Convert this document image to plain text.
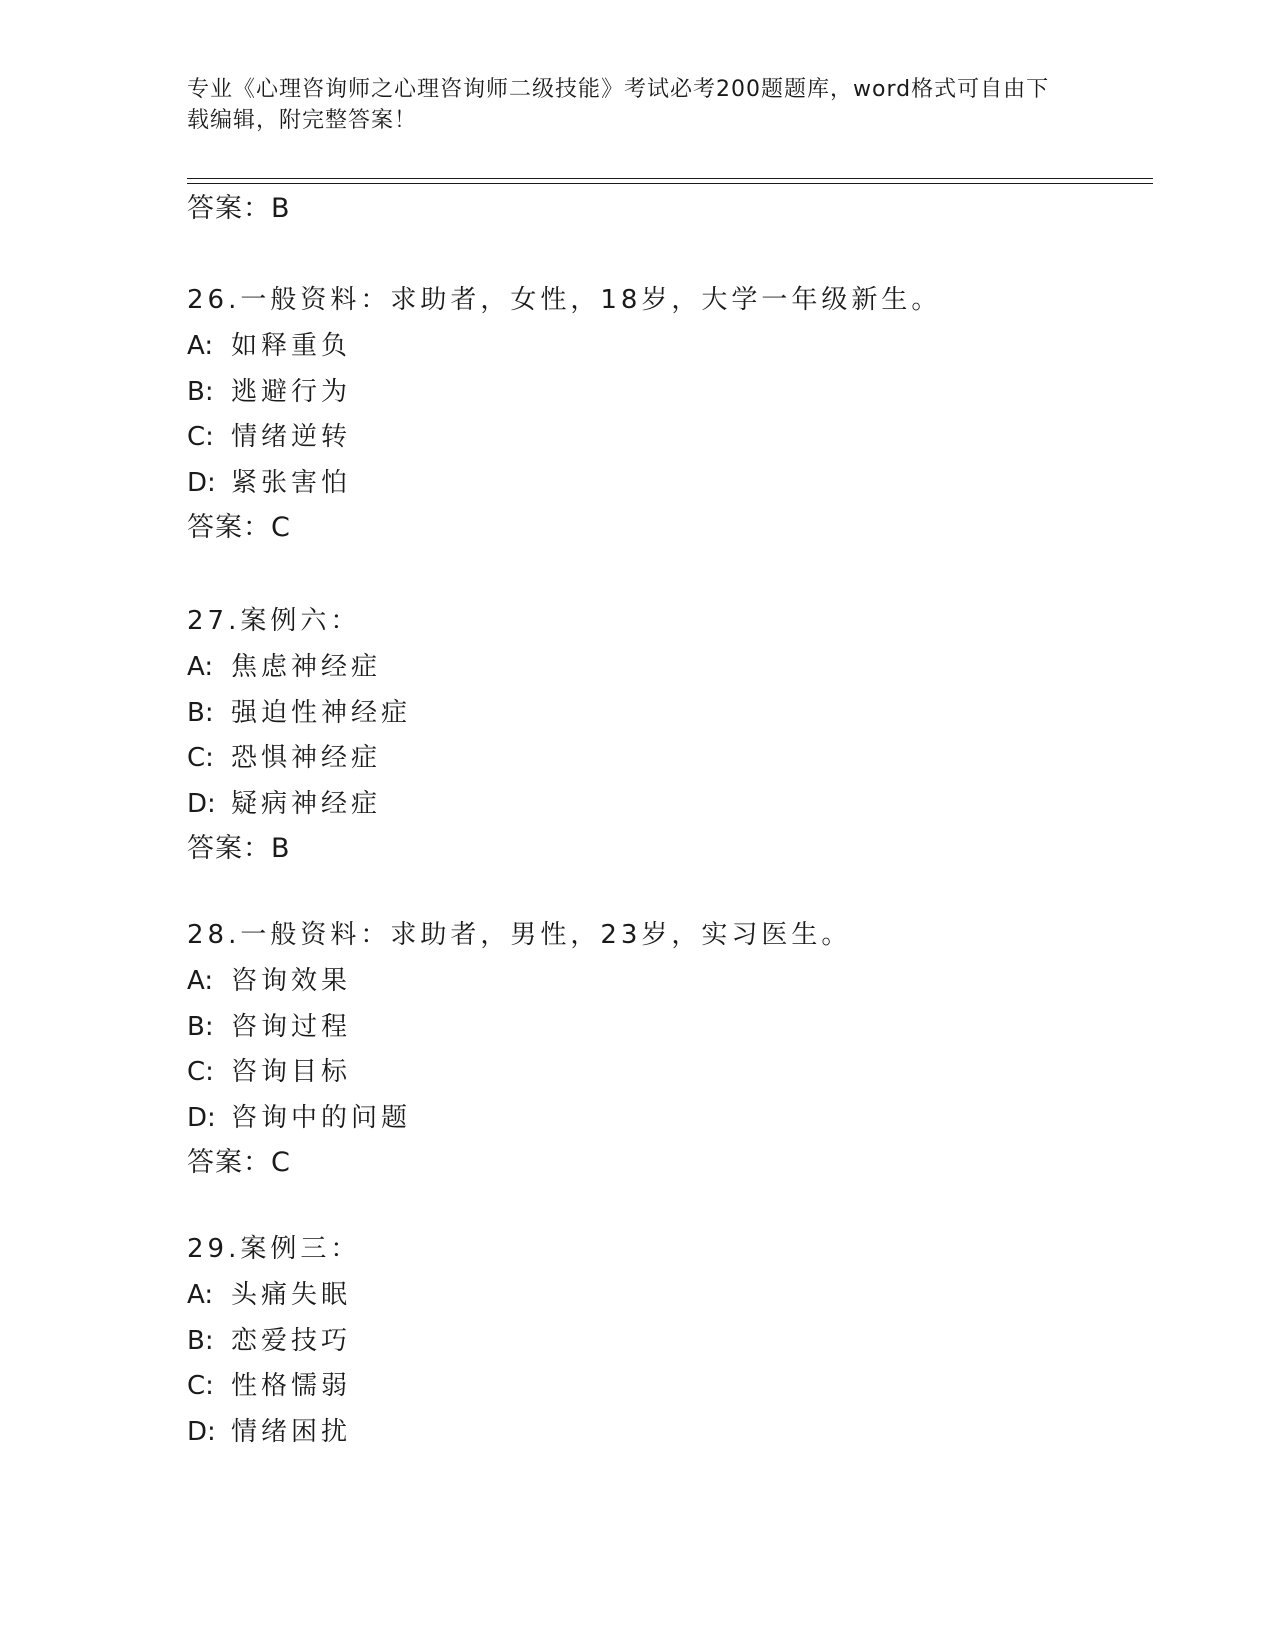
专业《心理咨询师之心理咨询师二级技能》考试必考200题题库，word格式可自由下载编辑，附完整答案！
答案：B
26.一般资料：求助者，女性，18岁，大学一年级新生。
A: 如释重负
B: 逃避行为
C: 情绪逆转
D: 紧张害怕
答案：C
27.案例六：
A: 焦虑神经症
B: 强迫性神经症
C: 恐惧神经症
D: 疑病神经症
答案：B
28.一般资料：求助者，男性，23岁，实习医生。
A: 咨询效果
B: 咨询过程
C: 咨询目标
D: 咨询中的问题
答案：C
29.案例三：
A: 头痛失眠
B: 恋爱技巧
C: 性格懦弱
D: 情绪困扰
